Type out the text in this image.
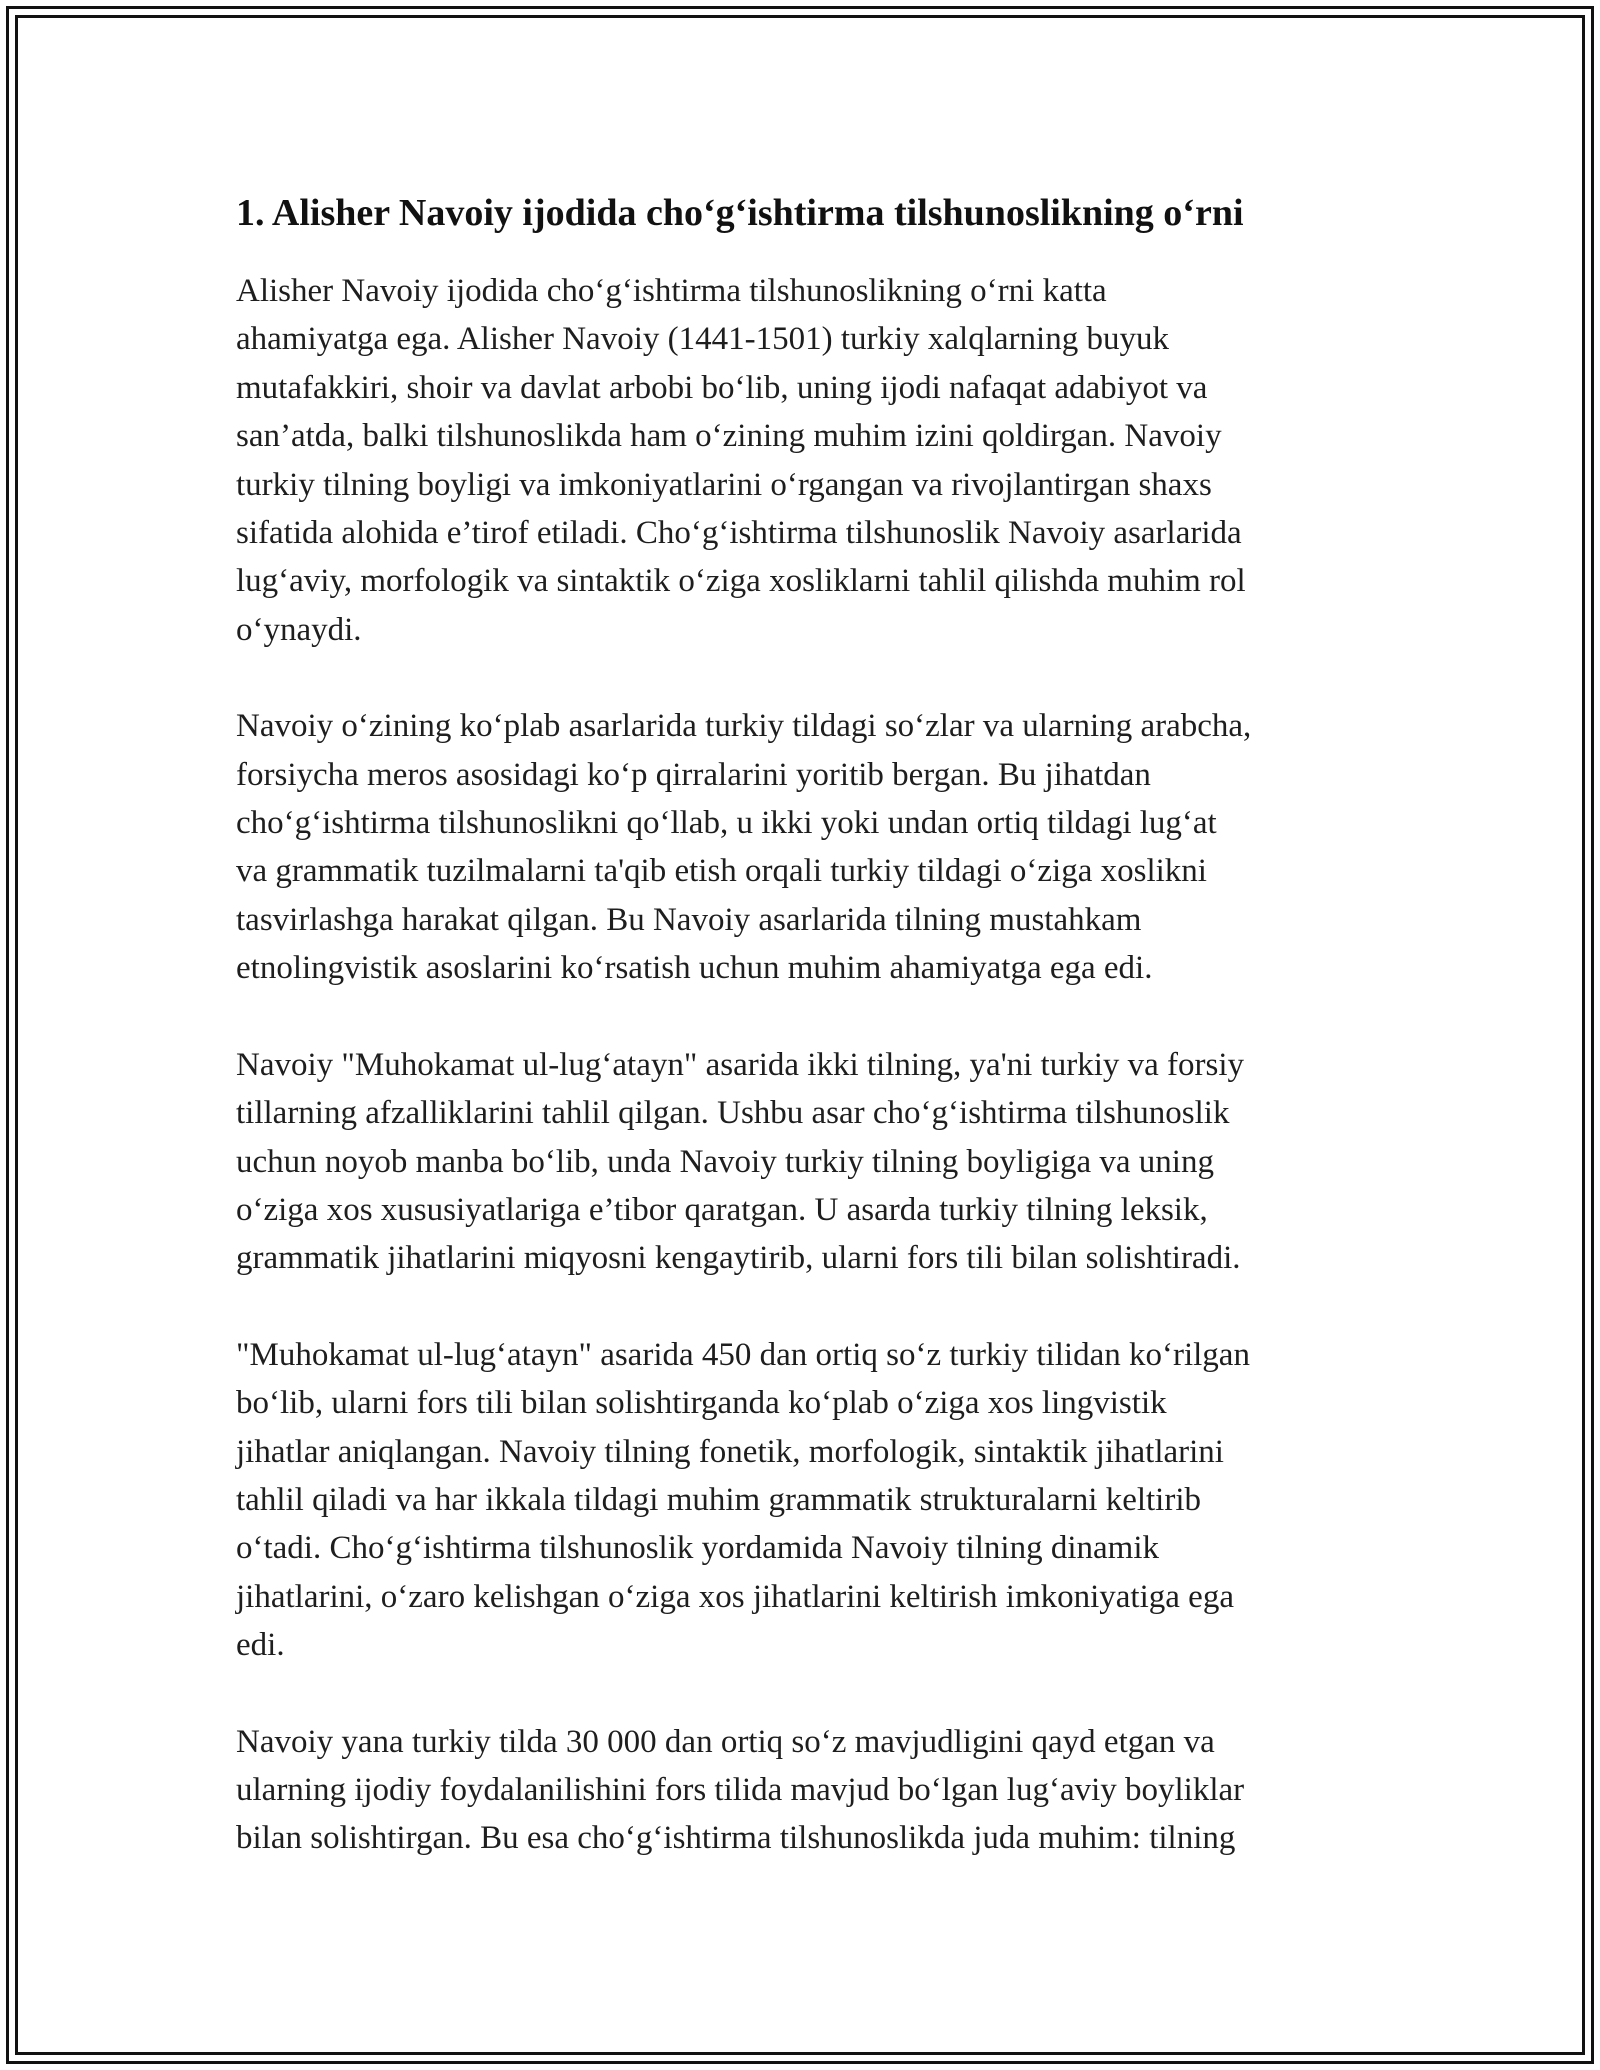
1. Alisher Navoiy ijodida cho‘g‘ishtirma tilshunoslikning o‘rni

Alisher Navoiy ijodida cho‘g‘ishtirma tilshunoslikning o‘rni katta
ahamiyatga ega. Alisher Navoiy (1441-1501) turkiy xalqlarning buyuk
mutafakkiri, shoir va davlat arbobi bo‘lib, uning ijodi nafaqat adabiyot va
san’atda, balki tilshunoslikda ham o‘zining muhim izini qoldirgan. Navoiy
turkiy tilning boyligi va imkoniyatlarini o‘rgangan va rivojlantirgan shaxs
sifatida alohida e’tirof etiladi. Cho‘g‘ishtirma tilshunoslik Navoiy asarlarida
lug‘aviy, morfologik va sintaktik o‘ziga xosliklarni tahlil qilishda muhim rol
o‘ynaydi.

Navoiy o‘zining ko‘plab asarlarida turkiy tildagi so‘zlar va ularning arabcha,
forsiycha meros asosidagi ko‘p qirralarini yoritib bergan. Bu jihatdan
cho‘g‘ishtirma tilshunoslikni qo‘llab, u ikki yoki undan ortiq tildagi lug‘at
va grammatik tuzilmalarni ta'qib etish orqali turkiy tildagi o‘ziga xoslikni
tasvirlashga harakat qilgan. Bu Navoiy asarlarida tilning mustahkam
etnolingvistik asoslarini ko‘rsatish uchun muhim ahamiyatga ega edi.

Navoiy "Muhokamat ul-lug‘atayn" asarida ikki tilning, ya'ni turkiy va forsiy
tillarning afzalliklarini tahlil qilgan. Ushbu asar cho‘g‘ishtirma tilshunoslik
uchun noyob manba bo‘lib, unda Navoiy turkiy tilning boyligiga va uning
o‘ziga xos xususiyatlariga e’tibor qaratgan. U asarda turkiy tilning leksik,
grammatik jihatlarini miqyosni kengaytirib, ularni fors tili bilan solishtiradi.

"Muhokamat ul-lug‘atayn" asarida 450 dan ortiq so‘z turkiy tilidan ko‘rilgan
bo‘lib, ularni fors tili bilan solishtirganda ko‘plab o‘ziga xos lingvistik
jihatlar aniqlangan. Navoiy tilning fonetik, morfologik, sintaktik jihatlarini
tahlil qiladi va har ikkala tildagi muhim grammatik strukturalarni keltirib
o‘tadi. Cho‘g‘ishtirma tilshunoslik yordamida Navoiy tilning dinamik
jihatlarini, o‘zaro kelishgan o‘ziga xos jihatlarini keltirish imkoniyatiga ega
edi.

Navoiy yana turkiy tilda 30 000 dan ortiq so‘z mavjudligini qayd etgan va
ularning ijodiy foydalanilishini fors tilida mavjud bo‘lgan lug‘aviy boyliklar
bilan solishtirgan. Bu esa cho‘g‘ishtirma tilshunoslikda juda muhim: tilning
